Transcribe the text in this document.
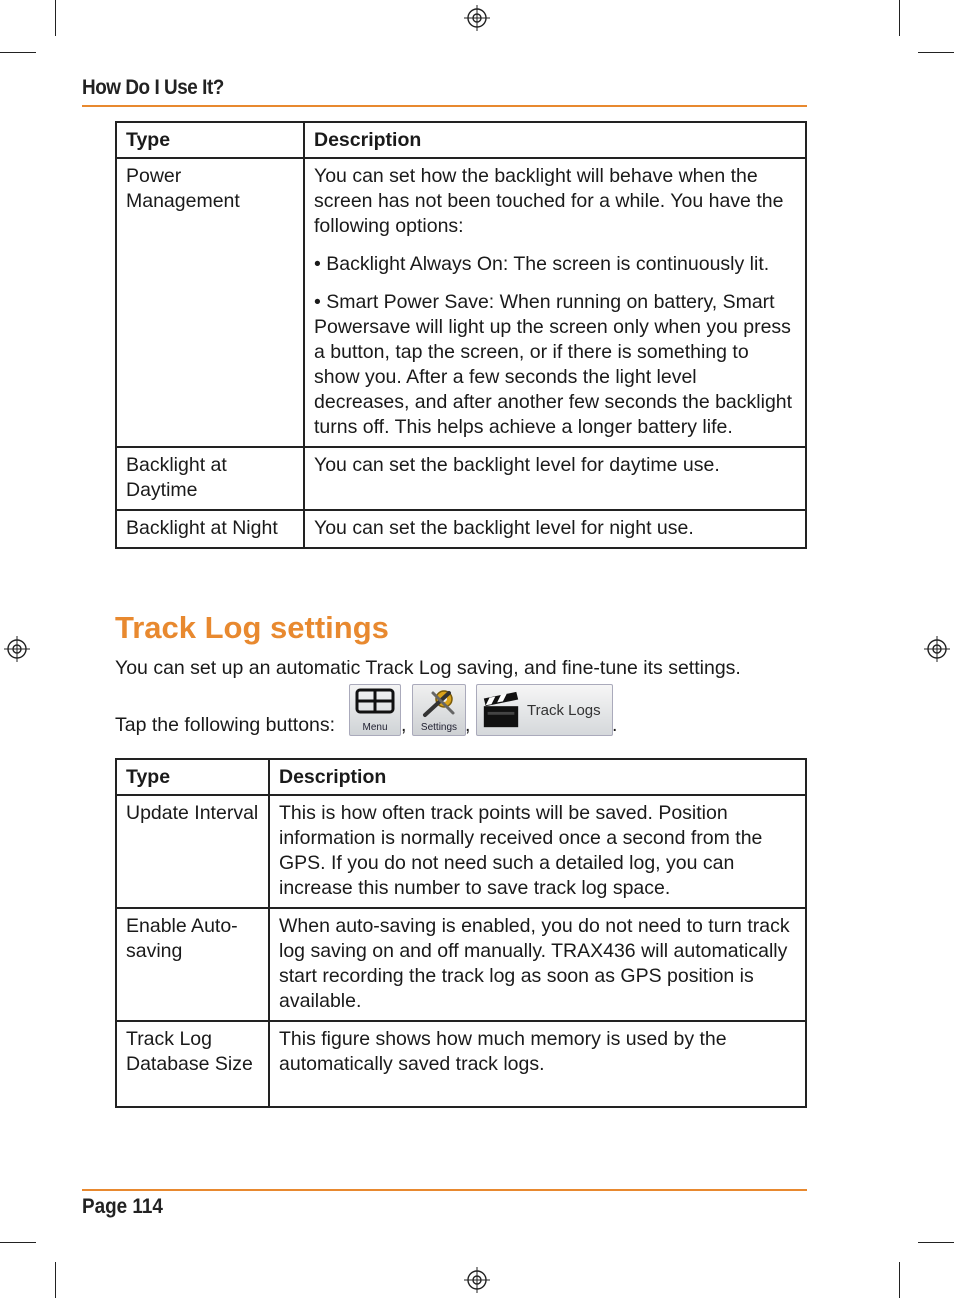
How Do I Use It?
Type	Description
Power Management	You can set how the backlight will behave when the screen has not been touched for a while. You have the following options:

• Backlight Always On: The screen is continuously lit.

• Smart Power Save: When running on battery, Smart Powersave will light up the screen only when you press a button, tap the screen, or if there is something to show you. After a few seconds the light level decreases, and after another few seconds the backlight turns off. This helps achieve a longer battery life.

Backlight at Daytime	You can set the backlight level for daytime use.

Backlight at Night	You can set the backlight level for night use.

Track Log settings
You can set up an automatic Track Log saving, and fine-tune its settings.
Tap the following buttons:	Menu ,	Settings ,
Track Logs
.
Type	Description
Update Interval	This is how often track points will be saved. Position information is normally received once a second from the GPS. If you do not need such a detailed log, you can increase this number to save track log space.
Enable Auto-saving	When auto-saving is enabled, you do not need to turn track log saving on and off manually. TRAX436 will automatically start recording the track log as soon as GPS position is available.
Track Log Database Size	This figure shows how much memory is used by the automatically saved track logs.
Page 114
